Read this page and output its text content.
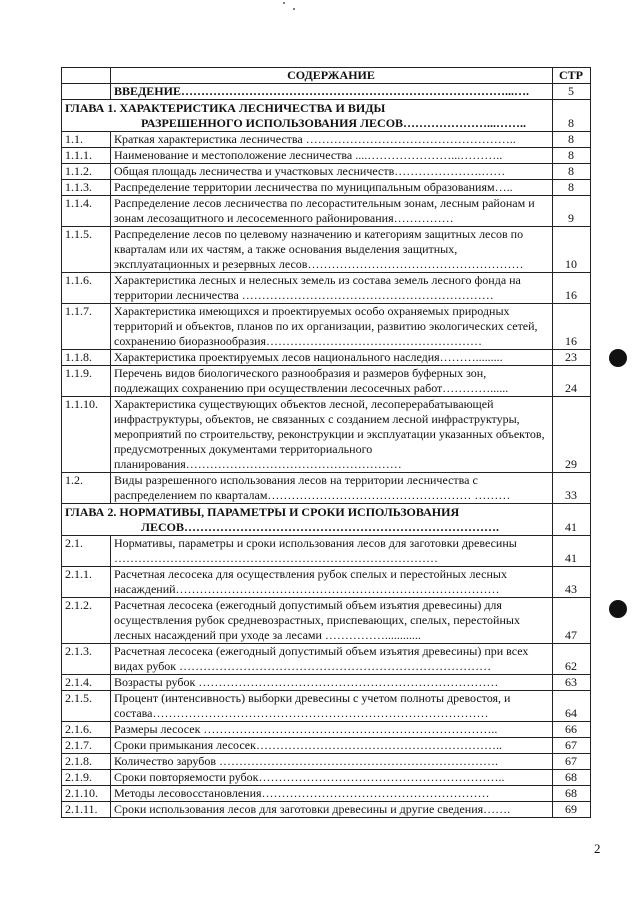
	СОДЕРЖАНИЕ	СТР
	ВВЕДЕНИЕ………………………………………………………………………...….	5

ГЛАВА 1. ХАРАКТЕРИСТИКА ЛЕСНИЧЕСТВА И ВИДЫ
РАЗРЕШЕННОГО ИСПОЛЬЗОВАНИЯ ЛЕСОВ…………………...……..		8
1.1.	Краткая характеристика лесничества ……………………………………………..	8
1.1.1.	Наименование и местоположение лесничества ....…………………...………..	8
1.1.2.	Общая площадь лесничества и участковых лесничеств………………….……	8
1.1.3.	Распределение территории лесничества по муниципальным образованиям…..	8
1.1.4.	Распределение лесов лесничества по лесорастительным зонам, лесным районам и зонам лесозащитного и лесосеменного районирования……………	9
1.1.5.	Распределение лесов по целевому назначению и категориям защитных лесов по кварталам или их частям, а также основания выделения защитных, эксплуатационных и резервных лесов………………………………………………	10
1.1.6.	Характеристика лесных и нелесных земель из состава земель лесного фонда на территории лесничества ………………………………………………………	16
1.1.7.	Характеристика имеющихся и проектируемых особо охраняемых природных территорий и объектов, планов по их организации, развитию экологических сетей, сохранению биоразнообразия………………………………………………	16
1.1.8.	Характеристика проектируемых лесов национального наследия……….........	23
1.1.9.	Перечень видов биологического разнообразия и размеров буферных зон, подлежащих сохранению при осуществлении лесосечных работ…………......	24
1.1.10.	Характеристика существующих объектов лесной, лесоперерабатывающей инфраструктуры, объектов, не связанных с созданием лесной инфраструктуры, мероприятий по строительству, реконструкции и эксплуатации указанных объектов, предусмотренных документами территориального планирования………………………………………………	29
1.2.	Виды разрешенного использования лесов на территории лесничества с распределением по кварталам…………………………………………… ………	33

ГЛАВА 2. НОРМАТИВЫ, ПАРАМЕТРЫ И СРОКИ ИСПОЛЬЗОВАНИЯ
ЛЕСОВ…………………………………………………………………….		41
2.1.	Нормативы, параметры и сроки использования лесов для заготовки древесины ………………………………………………………………………	41
2.1.1.	Расчетная лесосека для осуществления рубок спелых и перестойных лесных насаждений………………………………………………………………………	43
2.1.2.	Расчетная лесосека (ежегодный допустимый объем изъятия древесины) для осуществления рубок средневозрастных, приспевающих, спелых, перестойных лесных насаждений при уходе за лесами ……………............	47
2.1.3.	Расчетная лесосека (ежегодный допустимый объем изъятия древесины) при всех видах рубок ……………………………………………………………………	62
2.1.4.	Возрасты рубок …………………………………………………………………	63
2.1.5.	Процент (интенсивность) выборки древесины с учетом полноты древостоя, и состава…………………………………………………………………………	64
2.1.6.	Размеры лесосек ………………………………………………………………..	66
2.1.7.	Сроки примыкания лесосек……………………………………………………..	67
2.1.8.	Количество зарубов …………………………………………………………….	67
2.1.9.	Сроки повторяемости рубок……………………………………………………..	68
2.1.10.	Методы лесовосстановления…………………………………………………	68
2.1.11.	Сроки использования лесов для заготовки древесины и другие сведения…….	69
2
